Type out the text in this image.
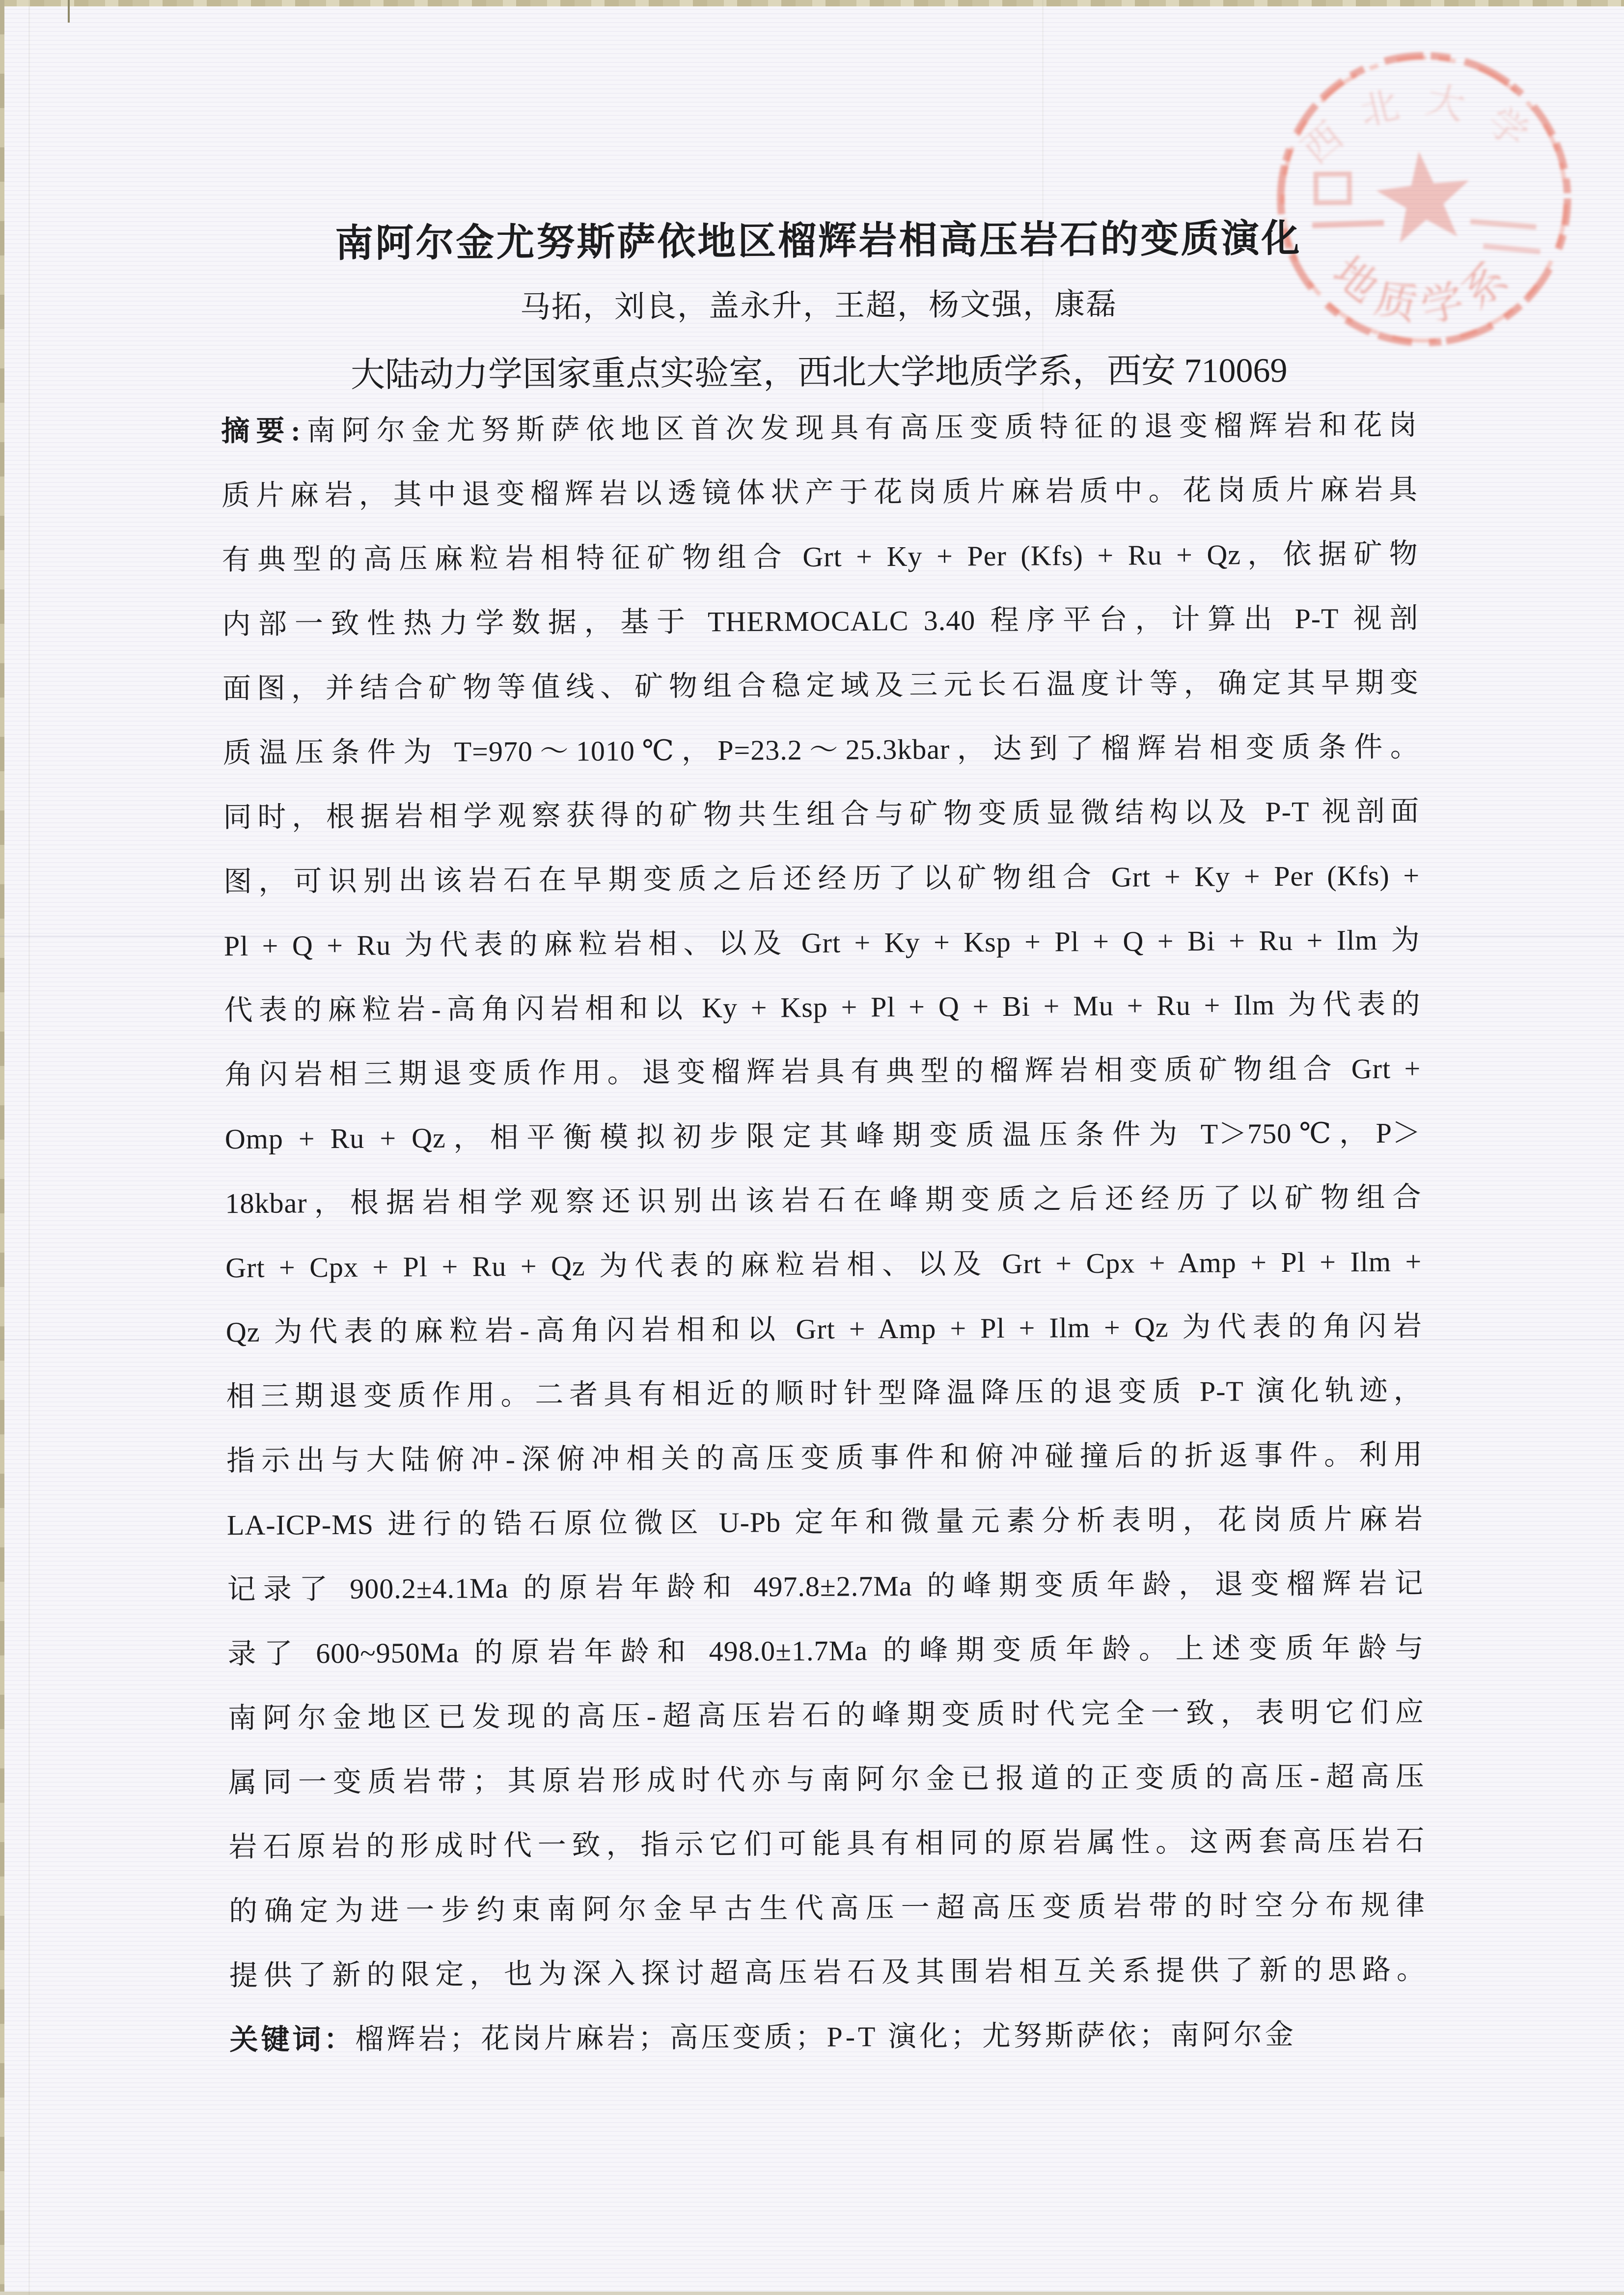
西北大学
地质学系
南阿尔金尤努斯萨依地区榴辉岩相高压岩石的变质演化
马拓，刘良，盖永升，王超，杨文强，康磊
大陆动力学国家重点实验室，西北大学地质学系，西安 710069
摘要:南阿尔金尤努斯萨依地区首次发现具有高压变质特征的退变榴辉岩和花岗
质片麻岩，其中退变榴辉岩以透镜体状产于花岗质片麻岩质中。花岗质片麻岩具
有典型的高压麻粒岩相特征矿物组合 Grt + Ky + Per (Kfs) + Ru + Qz，依据矿物
内部一致性热力学数据，基于 THERMOCALC 3.40 程序平台，计算出 P-T 视剖
面图，并结合矿物等值线、矿物组合稳定域及三元长石温度计等，确定其早期变
质温压条件为 T=970～1010℃，P=23.2～25.3kbar，达到了榴辉岩相变质条件。
同时，根据岩相学观察获得的矿物共生组合与矿物变质显微结构以及 P-T 视剖面
图，可识别出该岩石在早期变质之后还经历了以矿物组合 Grt + Ky + Per (Kfs) +
Pl + Q + Ru 为代表的麻粒岩相、以及 Grt + Ky + Ksp + Pl + Q + Bi + Ru + Ilm 为
代表的麻粒岩-高角闪岩相和以 Ky + Ksp + Pl + Q + Bi + Mu + Ru + Ilm 为代表的
角闪岩相三期退变质作用。退变榴辉岩具有典型的榴辉岩相变质矿物组合 Grt +
Omp + Ru + Qz，相平衡模拟初步限定其峰期变质温压条件为 T＞750℃，P＞
18kbar，根据岩相学观察还识别出该岩石在峰期变质之后还经历了以矿物组合
Grt + Cpx + Pl + Ru + Qz 为代表的麻粒岩相、以及 Grt + Cpx + Amp + Pl + Ilm +
Qz 为代表的麻粒岩-高角闪岩相和以 Grt + Amp + Pl + Ilm + Qz 为代表的角闪岩
相三期退变质作用。二者具有相近的顺时针型降温降压的退变质 P-T 演化轨迹，
指示出与大陆俯冲-深俯冲相关的高压变质事件和俯冲碰撞后的折返事件。利用
LA-ICP-MS 进行的锆石原位微区 U-Pb 定年和微量元素分析表明，花岗质片麻岩
记录了 900.2±4.1Ma 的原岩年龄和 497.8±2.7Ma 的峰期变质年龄，退变榴辉岩记
录了 600~950Ma 的原岩年龄和 498.0±1.7Ma 的峰期变质年龄。上述变质年龄与
南阿尔金地区已发现的高压-超高压岩石的峰期变质时代完全一致，表明它们应
属同一变质岩带；其原岩形成时代亦与南阿尔金已报道的正变质的高压-超高压
岩石原岩的形成时代一致，指示它们可能具有相同的原岩属性。这两套高压岩石
的确定为进一步约束南阿尔金早古生代高压一超高压变质岩带的时空分布规律
提供了新的限定，也为深入探讨超高压岩石及其围岩相互关系提供了新的思路。
关键词：榴辉岩；花岗片麻岩；高压变质；P-T 演化；尤努斯萨依；南阿尔金
